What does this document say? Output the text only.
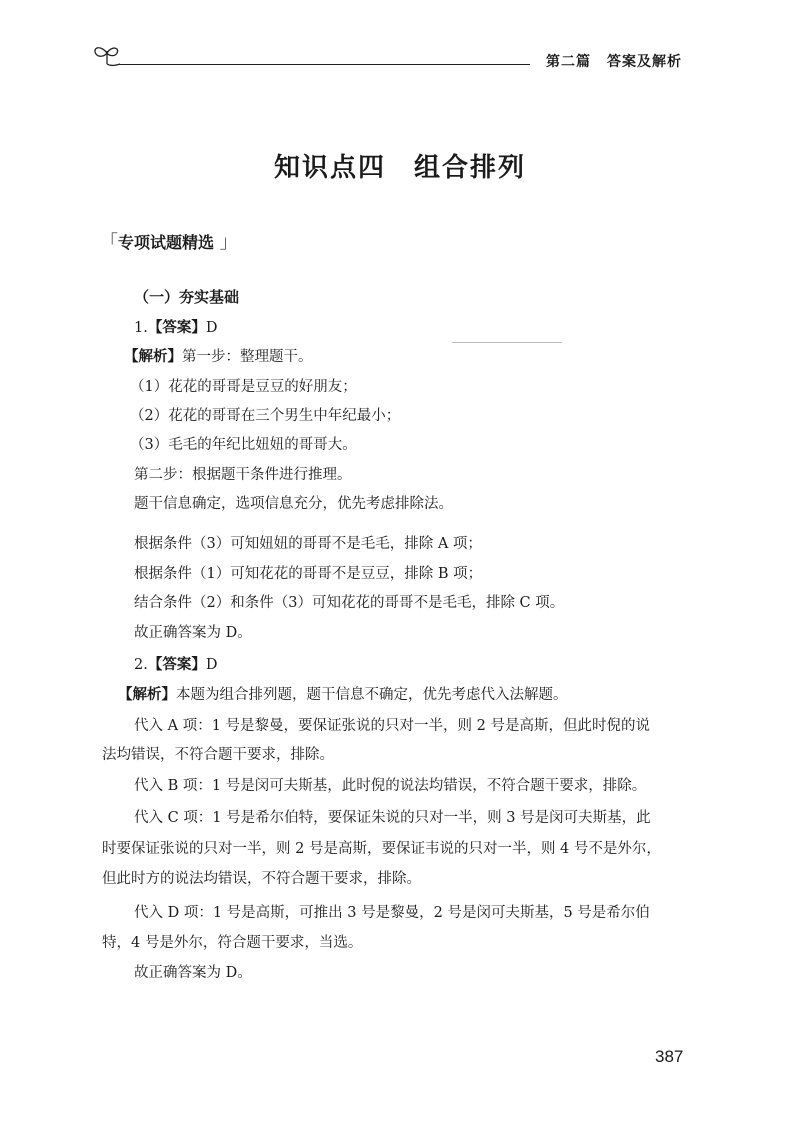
第二篇 答案及解析
知识点四 组合排列
「专项试题精选 」
（一）夯实基础
1.【答案】D
【解析】第一步：整理题干。
（1）花花的哥哥是豆豆的好朋友；
（2）花花的哥哥在三个男生中年纪最小；
（3）毛毛的年纪比妞妞的哥哥大。
第二步：根据题干条件进行推理。
题干信息确定，选项信息充分，优先考虑排除法。
根据条件（3）可知妞妞的哥哥不是毛毛，排除 A 项；
根据条件（1）可知花花的哥哥不是豆豆，排除 B 项；
结合条件（2）和条件（3）可知花花的哥哥不是毛毛，排除 C 项。
故正确答案为 D。
2.【答案】D
【解析】本题为组合排列题，题干信息不确定，优先考虑代入法解题。
代入 A 项：1 号是黎曼，要保证张说的只对一半，则 2 号是高斯，但此时倪的说
法均错误，不符合题干要求，排除。
代入 B 项：1 号是闵可夫斯基，此时倪的说法均错误，不符合题干要求，排除。
代入 C 项：1 号是希尔伯特，要保证朱说的只对一半，则 3 号是闵可夫斯基，此
时要保证张说的只对一半，则 2 号是高斯，要保证韦说的只对一半，则 4 号不是外尔，
但此时方的说法均错误，不符合题干要求，排除。
代入 D 项：1 号是高斯，可推出 3 号是黎曼，2 号是闵可夫斯基，5 号是希尔伯
特，4 号是外尔，符合题干要求，当选。
故正确答案为 D。
387
